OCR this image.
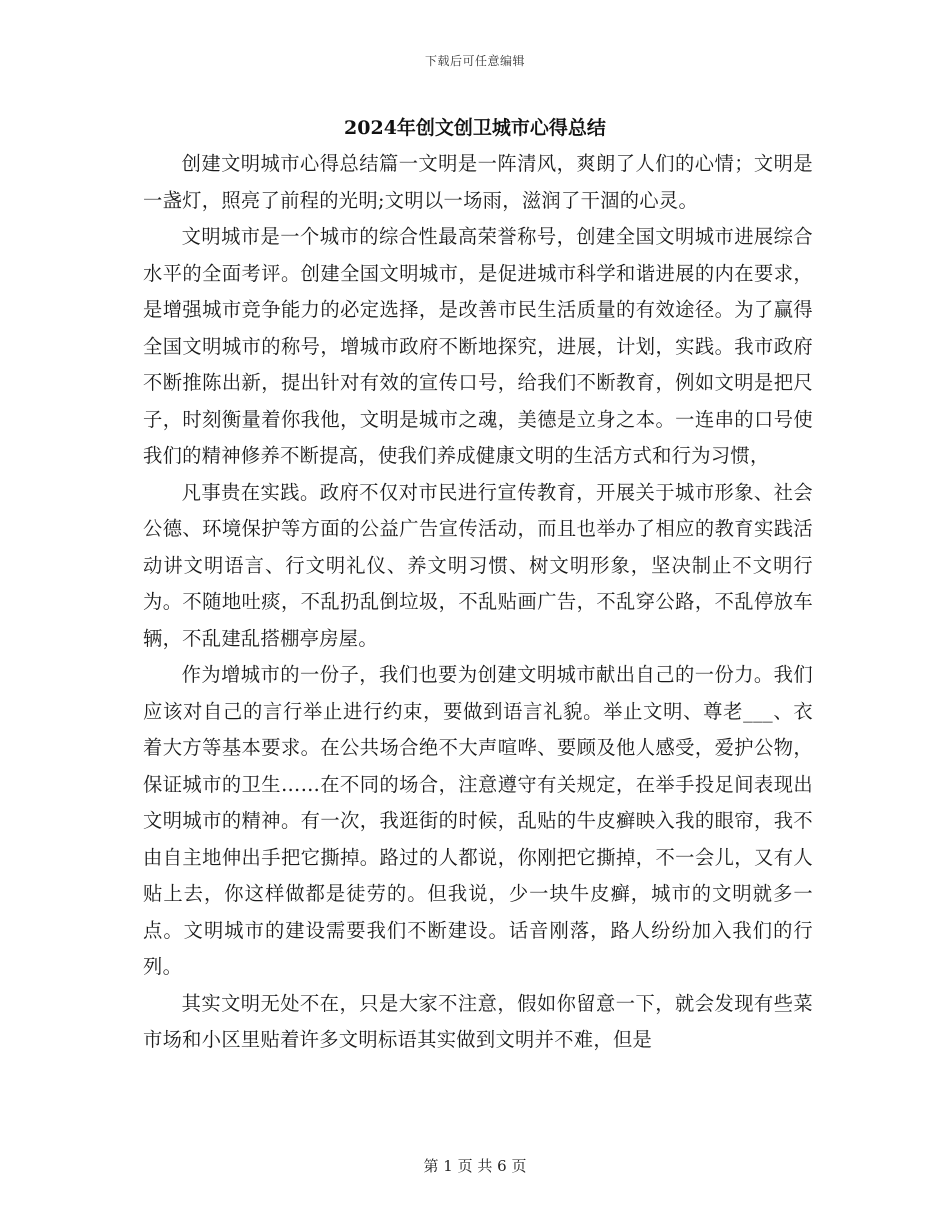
下载后可任意编辑
2024年创文创卫城市心得总结

创建文明城市心得总结篇一文明是一阵清风，爽朗了人们的心情；文明是一盏灯，照亮了前程的光明;文明以一场雨，滋润了干涸的心灵。

文明城市是一个城市的综合性最高荣誉称号，创建全国文明城市进展综合水平的全面考评。创建全国文明城市，是促进城市科学和谐进展的内在要求，是增强城市竞争能力的必定选择，是改善市民生活质量的有效途径。为了赢得全国文明城市的称号，增城市政府不断地探究，进展，计划，实践。我市政府不断推陈出新，提出针对有效的宣传口号，给我们不断教育，例如文明是把尺子，时刻衡量着你我他，文明是城市之魂，美德是立身之本。一连串的口号使我们的精神修养不断提高，使我们养成健康文明的生活方式和行为习惯，

凡事贵在实践。政府不仅对市民进行宣传教育，开展关于城市形象、社会公德、环境保护等方面的公益广告宣传活动，而且也举办了相应的教育实践活动讲文明语言、行文明礼仪、养文明习惯、树文明形象，坚决制止不文明行为。不随地吐痰，不乱扔乱倒垃圾，不乱贴画广告，不乱穿公路，不乱停放车辆，不乱建乱搭棚亭房屋。

作为增城市的一份子，我们也要为创建文明城市献出自己的一份力。我们应该对自己的言行举止进行约束，要做到语言礼貌。举止文明、尊老___、衣着大方等基本要求。在公共场合绝不大声喧哗、要顾及他人感受，爱护公物，保证城市的卫生……在不同的场合，注意遵守有关规定，在举手投足间表现出文明城市的精神。有一次，我逛街的时候，乱贴的牛皮癣映入我的眼帘，我不由自主地伸出手把它撕掉。路过的人都说，你刚把它撕掉，不一会儿，又有人贴上去，你这样做都是徒劳的。但我说，少一块牛皮癣，城市的文明就多一点。文明城市的建设需要我们不断建设。话音刚落，路人纷纷加入我们的行列。

其实文明无处不在，只是大家不注意，假如你留意一下，就会发现有些菜市场和小区里贴着许多文明标语其实做到文明并不难，但是

第 1 页 共 6 页
